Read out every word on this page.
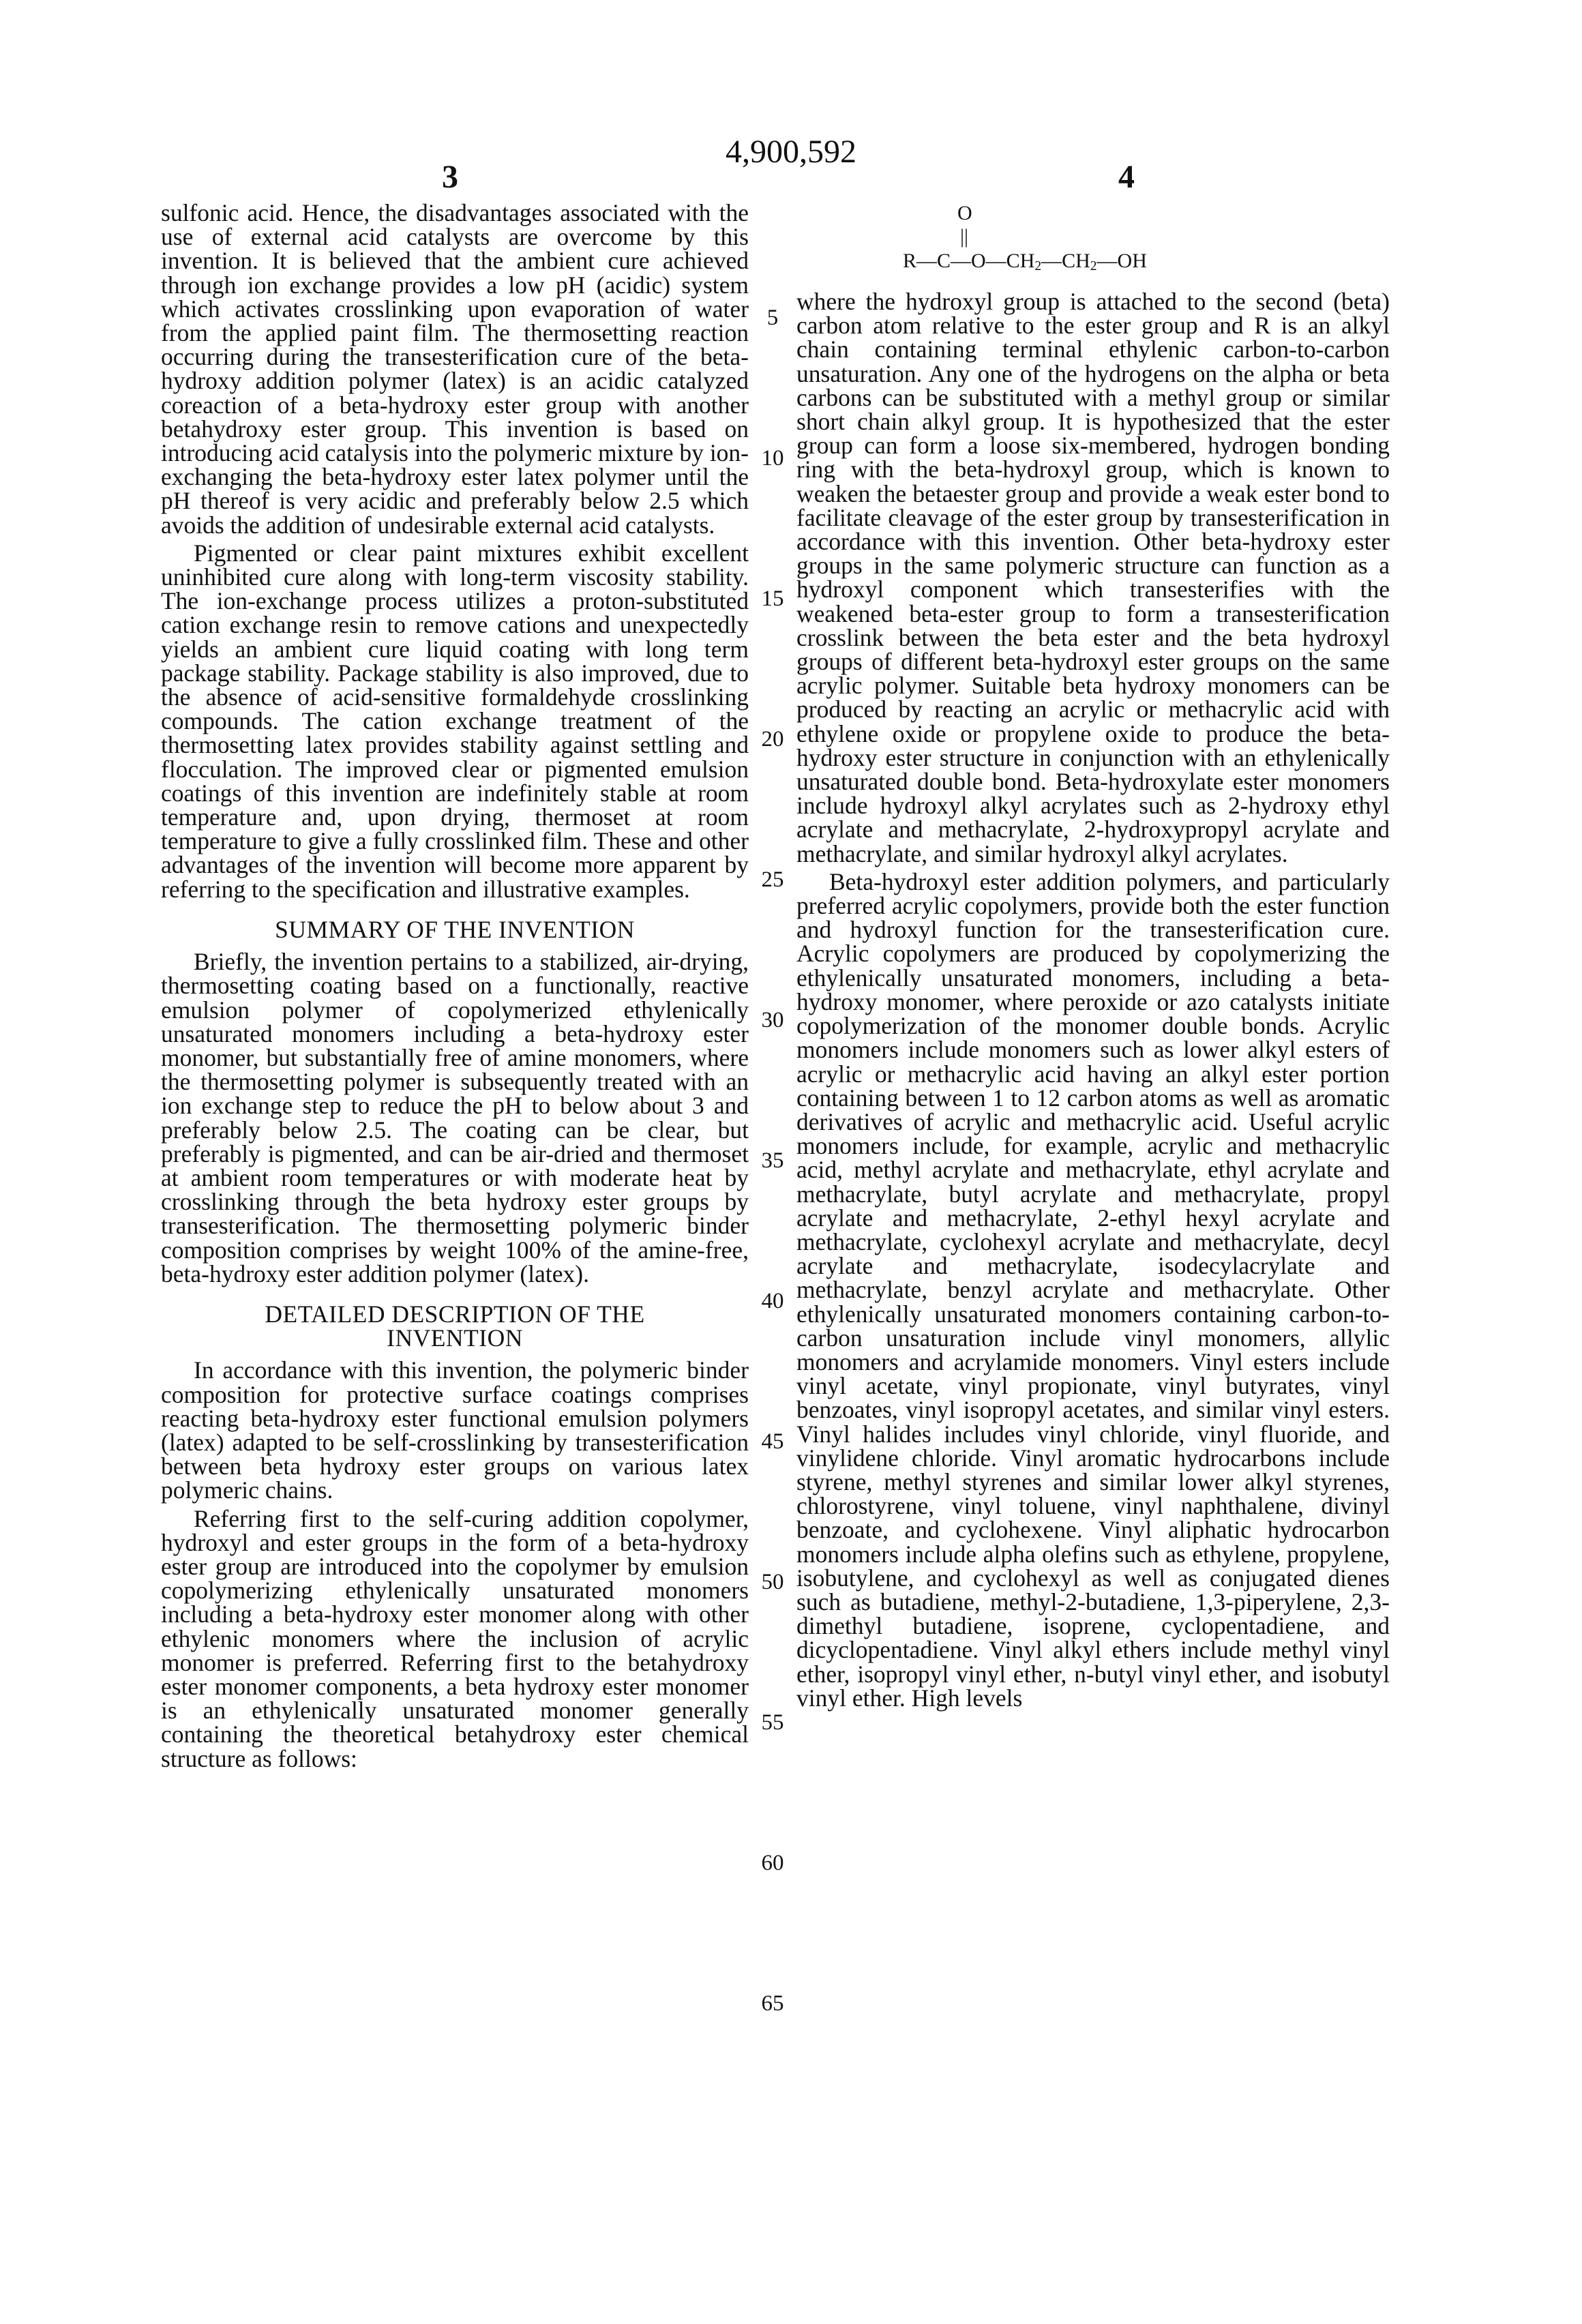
4,900,592
3	4

sulfonic acid. Hence, the disadvantages associated with the use of external acid catalysts are overcome by this invention. It is believed that the ambient cure achieved through ion exchange provides a low pH (acidic) system which activates crosslinking upon evaporation of water from the applied paint film. The thermosetting reaction occurring during the transesterification cure of the beta-hydroxy addition polymer (latex) is an acidic catalyzed coreaction of a beta-hydroxy ester group with another betahydroxy ester group. This invention is based on introducing acid catalysis into the polymeric mixture by ion-exchanging the beta-hydroxy ester latex polymer until the pH thereof is very acidic and preferably below 2.5 which avoids the addition of undesirable external acid catalysts.

Pigmented or clear paint mixtures exhibit excellent uninhibited cure along with long-term viscosity stability. The ion-exchange process utilizes a proton-substituted cation exchange resin to remove cations and unexpectedly yields an ambient cure liquid coating with long term package stability. Package stability is also improved, due to the absence of acid-sensitive formaldehyde crosslinking compounds. The cation exchange treatment of the thermosetting latex provides stability against settling and flocculation. The improved clear or pigmented emulsion coatings of this invention are indefinitely stable at room temperature and, upon drying, thermoset at room temperature to give a fully crosslinked film. These and other advantages of the invention will become more apparent by referring to the specification and illustrative examples.

SUMMARY OF THE INVENTION

Briefly, the invention pertains to a stabilized, air-drying, thermosetting coating based on a functionally, reactive emulsion polymer of copolymerized ethylenically unsaturated monomers including a beta-hydroxy ester monomer, but substantially free of amine monomers, where the thermosetting polymer is subsequently treated with an ion exchange step to reduce the pH to below about 3 and preferably below 2.5. The coating can be clear, but preferably is pigmented, and can be air-dried and thermoset at ambient room temperatures or with moderate heat by crosslinking through the beta hydroxy ester groups by transesterification. The thermosetting polymeric binder composition comprises by weight 100% of the amine-free, beta-hydroxy ester addition polymer (latex).

DETAILED DESCRIPTION OF THE
INVENTION

In accordance with this invention, the polymeric binder composition for protective surface coatings comprises reacting beta-hydroxy ester functional emulsion polymers (latex) adapted to be self-crosslinking by transesterification between beta hydroxy ester groups on various latex polymeric chains.

Referring first to the self-curing addition copolymer, hydroxyl and ester groups in the form of a beta-hydroxy ester group are introduced into the copolymer by emulsion copolymerizing ethylenically unsaturated monomers including a beta-hydroxy ester monomer along with other ethylenic monomers where the inclusion of acrylic monomer is preferred. Referring first to the betahydroxy ester monomer components, a beta hydroxy ester monomer is an ethylenically unsaturated monomer generally containing the theoretical betahydroxy ester chemical structure as follows:

O
||
$R—C—O—CH_2—CH_2—OH$

where the hydroxyl group is attached to the second (beta) carbon atom relative to the ester group and R is an alkyl chain containing terminal ethylenic carbon-to-carbon unsaturation. Any one of the hydrogens on the alpha or beta carbons can be substituted with a methyl group or similar short chain alkyl group. It is hypothesized that the ester group can form a loose six-membered, hydrogen bonding ring with the beta-hydroxyl group, which is known to weaken the betaester group and provide a weak ester bond to facilitate cleavage of the ester group by transesterification in accordance with this invention. Other beta-hydroxy ester groups in the same polymeric structure can function as a hydroxyl component which transesterifies with the weakened beta-ester group to form a transesterification crosslink between the beta ester and the beta hydroxyl groups of different beta-hydroxyl ester groups on the same acrylic polymer. Suitable beta hydroxy monomers can be produced by reacting an acrylic or methacrylic acid with ethylene oxide or propylene oxide to produce the beta-hydroxy ester structure in conjunction with an ethylenically unsaturated double bond. Beta-hydroxylate ester monomers include hydroxyl alkyl acrylates such as 2-hydroxy ethyl acrylate and methacrylate, 2-hydroxypropyl acrylate and methacrylate, and similar hydroxyl alkyl acrylates.

Beta-hydroxyl ester addition polymers, and particularly preferred acrylic copolymers, provide both the ester function and hydroxyl function for the transesterification cure. Acrylic copolymers are produced by copolymerizing the ethylenically unsaturated monomers, including a beta-hydroxy monomer, where peroxide or azo catalysts initiate copolymerization of the monomer double bonds. Acrylic monomers include monomers such as lower alkyl esters of acrylic or methacrylic acid having an alkyl ester portion containing between 1 to 12 carbon atoms as well as aromatic derivatives of acrylic and methacrylic acid. Useful acrylic monomers include, for example, acrylic and methacrylic acid, methyl acrylate and methacrylate, ethyl acrylate and methacrylate, butyl acrylate and methacrylate, propyl acrylate and methacrylate, 2-ethyl hexyl acrylate and methacrylate, cyclohexyl acrylate and methacrylate, decyl acrylate and methacrylate, isodecylacrylate and methacrylate, benzyl acrylate and methacrylate. Other ethylenically unsaturated monomers containing carbon-to-carbon unsaturation include vinyl monomers, allylic monomers and acrylamide monomers. Vinyl esters include vinyl acetate, vinyl propionate, vinyl butyrates, vinyl benzoates, vinyl isopropyl acetates, and similar vinyl esters. Vinyl halides includes vinyl chloride, vinyl fluoride, and vinylidene chloride. Vinyl aromatic hydrocarbons include styrene, methyl styrenes and similar lower alkyl styrenes, chlorostyrene, vinyl toluene, vinyl naphthalene, divinyl benzoate, and cyclohexene. Vinyl aliphatic hydrocarbon monomers include alpha olefins such as ethylene, propylene, isobutylene, and cyclohexyl as well as conjugated dienes such as butadiene, methyl-2-butadiene, 1,3-piperylene, 2,3-dimethyl butadiene, isoprene, cyclopentadiene, and dicyclopentadiene. Vinyl alkyl ethers include methyl vinyl ether, isopropyl vinyl ether, n-butyl vinyl ether, and isobutyl vinyl ether. High levels

5
10
15
20
25
30
35
40
45
50
55
60
65
